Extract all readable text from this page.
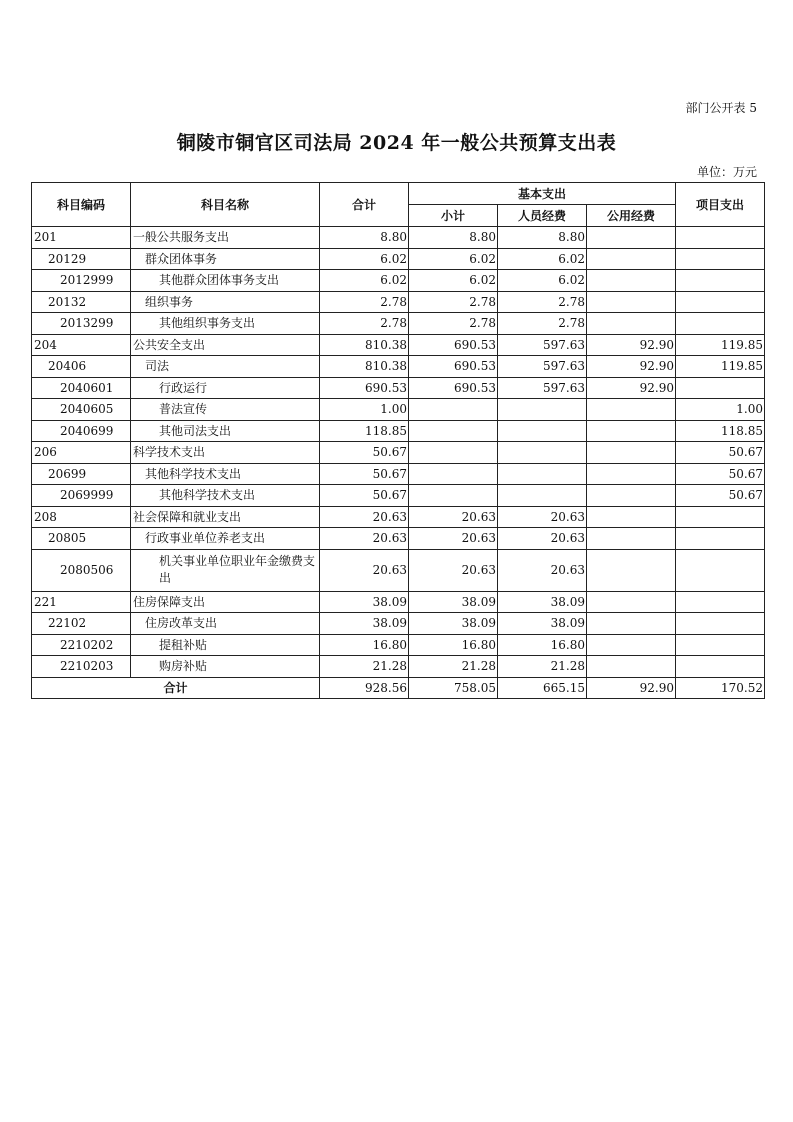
部门公开表 5
铜陵市铜官区司法局 2024 年一般公共预算支出表
单位：万元
科目编码	科目名称	合计	基本支出			项目支出
			小计	人员经费	公用经费	
201	一般公共服务支出	8.80	8.80	8.80		
20129	群众团体事务	6.02	6.02	6.02		
2012999	其他群众团体事务支出	6.02	6.02	6.02		
20132	组织事务	2.78	2.78	2.78		
2013299	其他组织事务支出	2.78	2.78	2.78		
204	公共安全支出	810.38	690.53	597.63	92.90	119.85
20406	司法	810.38	690.53	597.63	92.90	119.85
2040601	行政运行	690.53	690.53	597.63	92.90	
2040605	普法宣传	1.00				1.00
2040699	其他司法支出	118.85				118.85
206	科学技术支出	50.67				50.67
20699	其他科学技术支出	50.67				50.67
2069999	其他科学技术支出	50.67				50.67
208	社会保障和就业支出	20.63	20.63	20.63		
20805	行政事业单位养老支出	20.63	20.63	20.63		
2080506	机关事业单位职业年金缴费支出	20.63	20.63	20.63		
221	住房保障支出	38.09	38.09	38.09		
22102	住房改革支出	38.09	38.09	38.09		
2210202	提租补贴	16.80	16.80	16.80		
2210203	购房补贴	21.28	21.28	21.28		
合计		928.56	758.05	665.15	92.90	170.52
